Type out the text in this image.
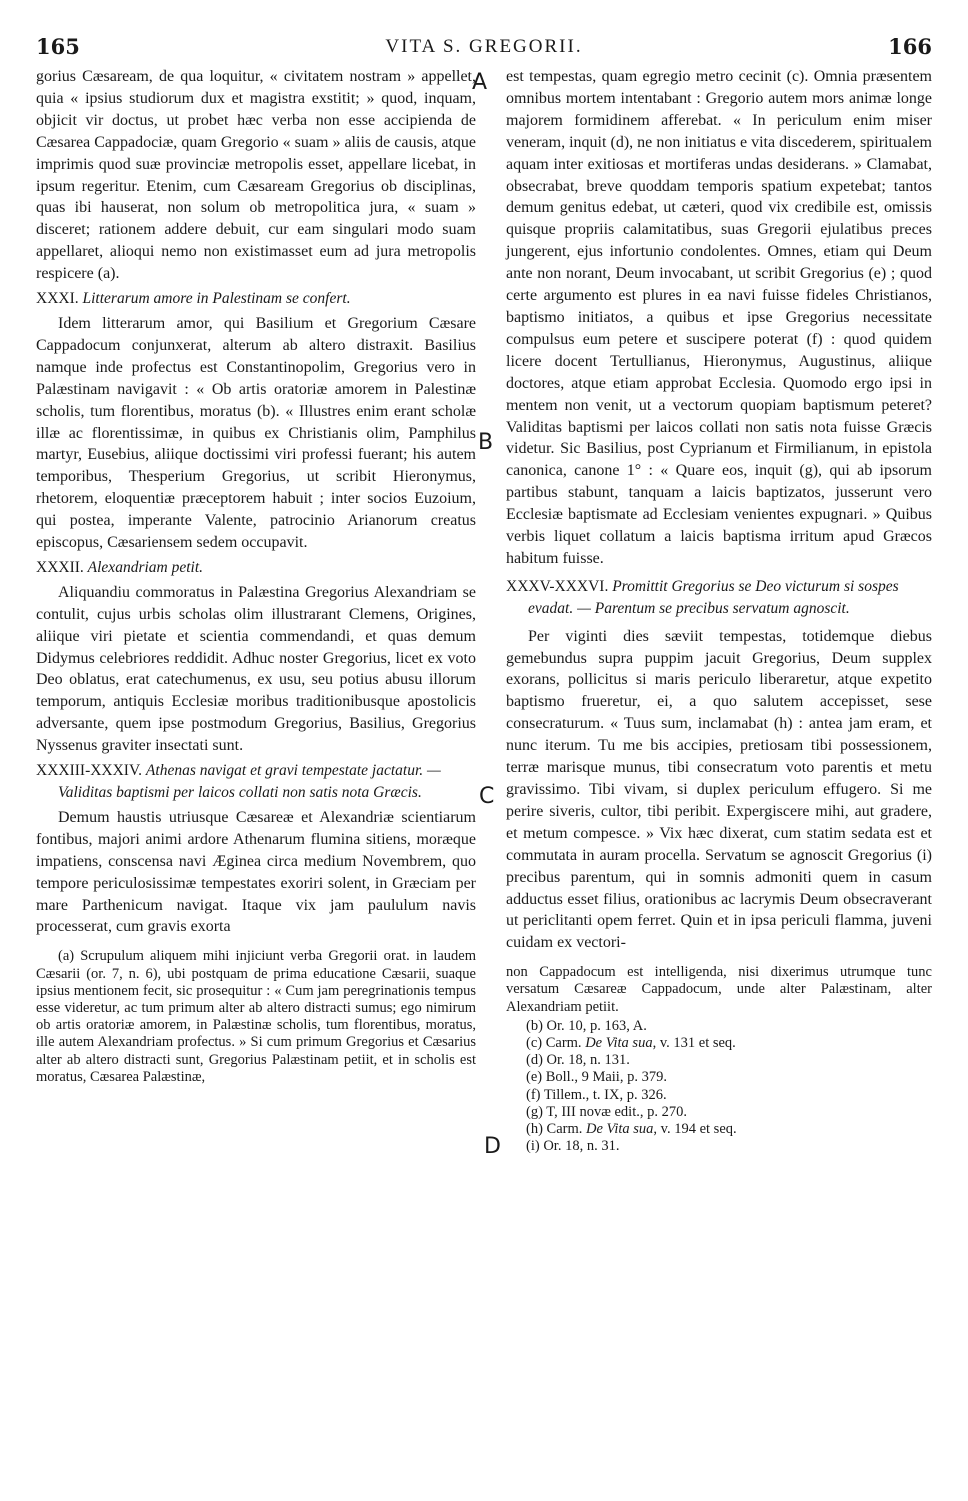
165	VITA S. GREGORII.	166

gorius Cæsaream, de qua loquitur, « civitatem nostram » appellet, quia « ipsius studiorum dux et magistra exstitit; » quod, inquam, objicit vir doctus, ut probet hæc verba non esse accipienda de Cæsarea Cappadociæ, quam Gregorio « suam » aliis de causis, atque imprimis quod suæ provinciæ metropolis esset, appellare licebat, in ipsum regeritur. Etenim, cum Cæsaream Gregorius ob disciplinas, quas ibi hauserat, non solum ob metropolitica jura, « suam » disceret; rationem addere debuit, cur eam singulari modo suam appellaret, alioqui nemo non existimasset eum ad jura metropolis respicere (a).

XXXI. Litterarum amore in Palestinam se confert.

Idem litterarum amor, qui Basilium et Gregorium Cæsare Cappadocum conjunxerat, alterum ab altero distraxit. Basilius namque inde profectus est Constantinopolim, Gregorius vero in Palæstinam navigavit : « Ob artis oratoriæ amorem in Palestinæ scholis, tum florentibus, moratus (b). « Illustres enim erant scholæ illæ ac florentissimæ, in quibus ex Christianis olim, Pamphilus martyr, Eusebius, aliique doctissimi viri professi fuerant; his autem temporibus, Thesperium Gregorius, ut scribit Hieronymus, rhetorem, eloquentiæ præceptorem habuit ; inter socios Euzoium, qui postea, imperante Valente, patrocinio Arianorum creatus episcopus, Cæsariensem sedem occupavit.

XXXII. Alexandriam petit.

Aliquandiu commoratus in Palæstina Gregorius Alexandriam se contulit, cujus urbis scholas olim illustrarant Clemens, Origines, aliique viri pietate et scientia commendandi, et quas demum Didymus celebriores reddidit. Adhuc noster Gregorius, licet ex voto Deo oblatus, erat catechumenus, ex usu, seu potius abusu illorum temporum, antiquis Ecclesiæ moribus traditionibusque apostolicis adversante, quem ipse postmodum Gregorius, Basilius, Gregorius Nyssenus graviter insectati sunt.

XXXIII-XXXIV. Athenas navigat et gravi tempestate jactatur. — Validitas baptismi per laicos collati non satis nota Græcis.

Demum haustis utriusque Cæsareæ et Alexandriæ scientiarum fontibus, majori animi ardore Athenarum flumina sitiens, moræque impatiens, conscensa navi Æginea circa medium Novembrem, quo tempore periculosissimæ tempestates exoriri solent, in Græciam per mare Parthenicum navigat. Itaque vix jam paululum navis processerat, cum gravis exorta

(a) Scrupulum aliquem mihi injiciunt verba Gregorii orat. in laudem Cæsarii (or. 7, n. 6), ubi postquam de prima educatione Cæsarii, suaque ipsius mentionem fecit, sic prosequitur : « Cum jam peregrinationis tempus esse videretur, ac tum primum alter ab altero distracti sumus; ego nimirum ob artis oratoriæ amorem, in Palæstinæ scholis, tum florentibus, moratus, ille autem Alexandriam profectus. » Si cum primum Gregorius et Cæsarius alter ab altero distracti sunt, Gregorius Palæstinam petiit, et in scholis est moratus, Cæsarea Palæstinæ,

A
B
C
D

est tempestas, quam egregio metro cecinit (c). Omnia præsentem omnibus mortem intentabant : Gregorio autem mors animæ longe majorem formidinem afferebat. « In periculum enim miser veneram, inquit (d), ne non initiatus e vita discederem, spiritualem aquam inter exitiosas et mortiferas undas desiderans. » Clamabat, obsecrabat, breve quoddam temporis spatium expetebat; tantos demum genitus edebat, ut cæteri, quod vix credibile est, omissis quisque propriis calamitatibus, suas Gregorii ejulatibus preces jungerent, ejus infortunio condolentes. Omnes, etiam qui Deum ante non norant, Deum invocabant, ut scribit Gregorius (e) ; quod certe argumento est plures in ea navi fuisse fideles Christianos, baptismo initiatos, a quibus et ipse Gregorius necessitate compulsus eum petere et suscipere poterat (f) : quod quidem licere docent Tertullianus, Hieronymus, Augustinus, aliique doctores, atque etiam approbat Ecclesia. Quomodo ergo ipsi in mentem non venit, ut a vectorum quopiam baptismum peteret? Validitas baptismi per laicos collati non satis nota fuisse Græcis videtur. Sic Basilius, post Cyprianum et Firmilianum, in epistola canonica, canone 1° : « Quare eos, inquit (g), qui ab ipsorum partibus stabunt, tanquam a laicis baptizatos, jusserunt vero Ecclesiæ baptismate ad Ecclesiam venientes expugnari. » Quibus verbis liquet collatum a laicis baptisma irritum apud Græcos habitum fuisse.

XXXV-XXXVI. Promittit Gregorius se Deo victurum si sospes evadat. — Parentum se precibus servatum agnoscit.

Per viginti dies sæviit tempestas, totidemque diebus gemebundus supra puppim jacuit Gregorius, Deum supplex exorans, pollicitus si maris periculo liberaretur, atque expetito baptismo frueretur, ei, a quo salutem accepisset, sese consecraturum. « Tuus sum, inclamabat (h) : antea jam eram, et nunc iterum. Tu me bis accipies, pretiosam tibi possessionem, terræ marisque munus, tibi consecratum voto parentis et metu gravissimo. Tibi vivam, si duplex periculum effugero. Si me perire siveris, cultor, tibi peribit. Expergiscere mihi, aut gradere, et metum compesce. » Vix hæc dixerat, cum statim sedata est et commutata in auram procella. Servatum se agnoscit Gregorius (i) precibus parentum, qui in somnis admoniti quem in casum adductus esset filius, orationibus ac lacrymis Deum obsecraverant ut periclitanti opem ferret. Quin et in ipsa periculi flamma, juveni cuidam ex vectori-

non Cappadocum est intelligenda, nisi dixerimus utrumque tunc versatum Cæsareæ Cappadocum, unde alter Palæstinam, alter Alexandriam petiit.

(b) Or. 10, p. 163, A.
(c) Carm. De Vita sua, v. 131 et seq.
(d) Or. 18, n. 131.
(e) Boll., 9 Maii, p. 379.
(f) Tillem., t. IX, p. 326.
(g) T, III novæ edit., p. 270.
(h) Carm. De Vita sua, v. 194 et seq.
(i) Or. 18, n. 31.
